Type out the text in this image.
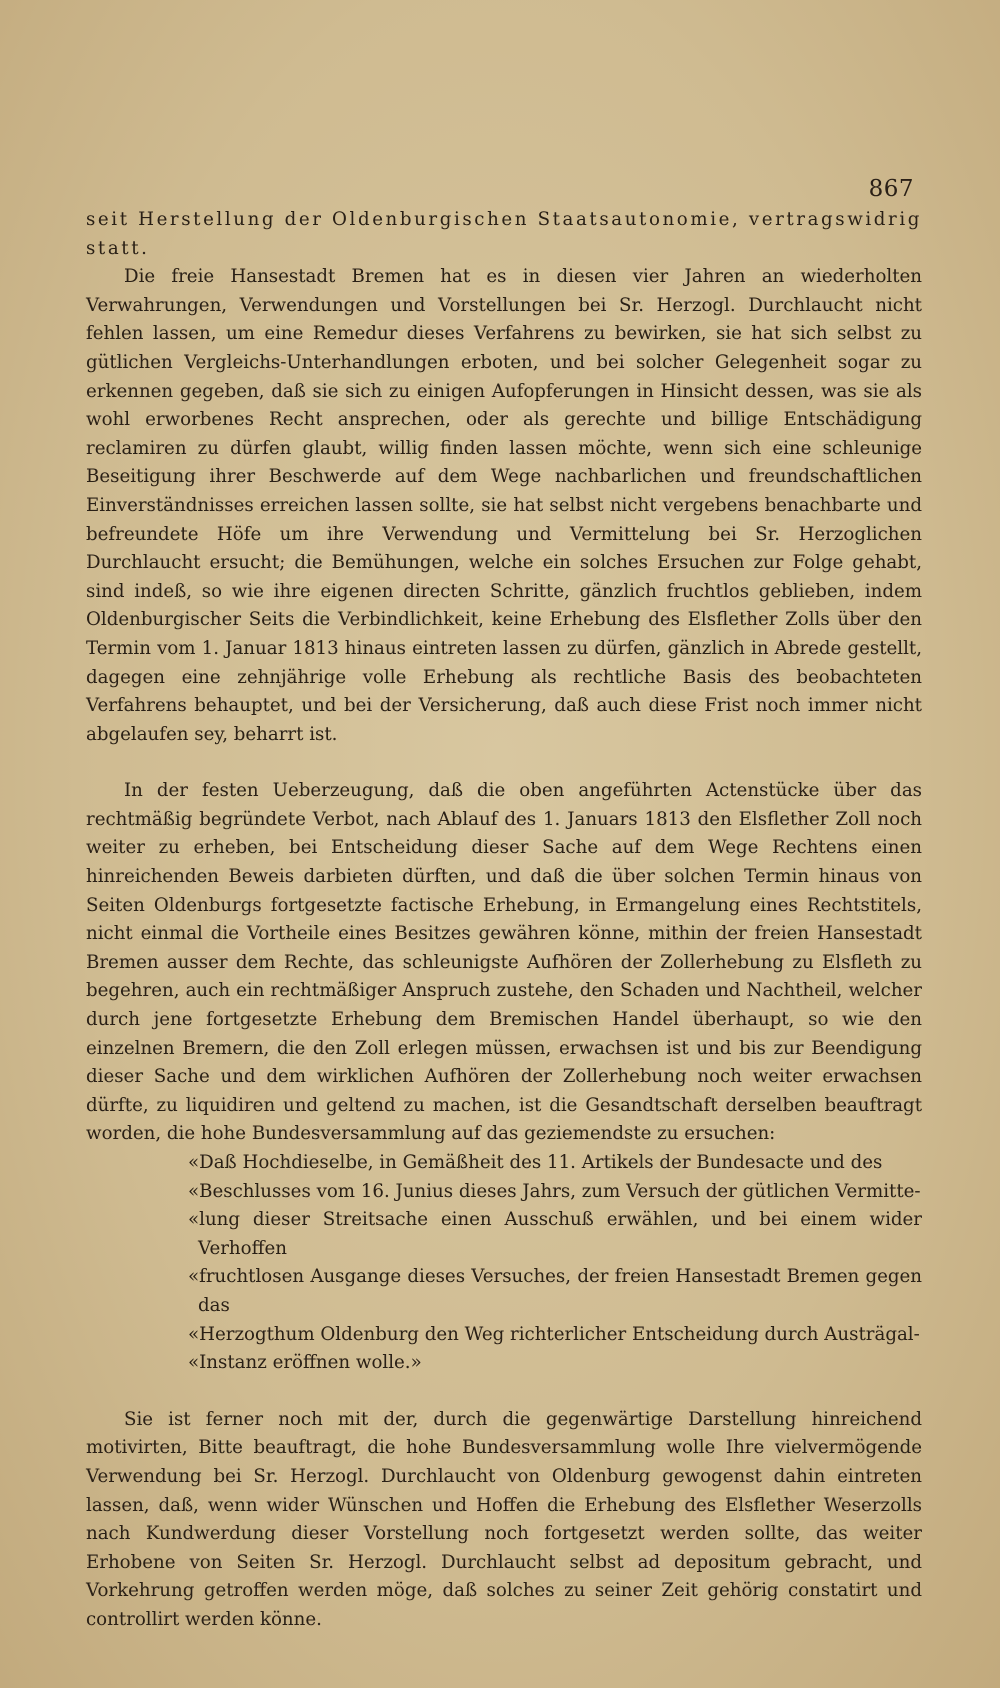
867

seit Herstellung der Oldenburgischen Staatsautonomie, vertragswidrig statt.

Die freie Hansestadt Bremen hat es in diesen vier Jahren an wiederholten Verwahrungen, Verwendungen und Vorstellungen bei Sr. Herzogl. Durchlaucht nicht fehlen lassen, um eine Remedur dieses Verfahrens zu bewirken, sie hat sich selbst zu gütlichen Vergleichs-Unterhandlungen erboten, und bei solcher Gelegenheit sogar zu erkennen gegeben, daß sie sich zu einigen Aufopferungen in Hinsicht dessen, was sie als wohl erworbenes Recht ansprechen, oder als gerechte und billige Entschädigung reclamiren zu dürfen glaubt, willig finden lassen möchte, wenn sich eine schleunige Beseitigung ihrer Beschwerde auf dem Wege nachbarlichen und freundschaftlichen Einverständnisses erreichen lassen sollte, sie hat selbst nicht vergebens benachbarte und befreundete Höfe um ihre Verwendung und Vermittelung bei Sr. Herzoglichen Durchlaucht ersucht; die Bemühungen, welche ein solches Ersuchen zur Folge gehabt, sind indeß, so wie ihre eigenen directen Schritte, gänzlich fruchtlos geblieben, indem Oldenburgischer Seits die Verbindlichkeit, keine Erhebung des Elsflether Zolls über den Termin vom 1. Januar 1813 hinaus eintreten lassen zu dürfen, gänzlich in Abrede gestellt, dagegen eine zehnjährige volle Erhebung als rechtliche Basis des beobachteten Verfahrens behauptet, und bei der Versicherung, daß auch diese Frist noch immer nicht abgelaufen sey, beharrt ist.

In der festen Ueberzeugung, daß die oben angeführten Actenstücke über das rechtmäßig begründete Verbot, nach Ablauf des 1. Januars 1813 den Elsflether Zoll noch weiter zu erheben, bei Entscheidung dieser Sache auf dem Wege Rechtens einen hinreichenden Beweis darbieten dürften, und daß die über solchen Termin hinaus von Seiten Oldenburgs fortgesetzte factische Erhebung, in Ermangelung eines Rechtstitels, nicht einmal die Vortheile eines Besitzes gewähren könne, mithin der freien Hansestadt Bremen ausser dem Rechte, das schleunigste Aufhören der Zollerhebung zu Elsfleth zu begehren, auch ein rechtmäßiger Anspruch zustehe, den Schaden und Nachtheil, welcher durch jene fortgesetzte Erhebung dem Bremischen Handel überhaupt, so wie den einzelnen Bremern, die den Zoll erlegen müssen, erwachsen ist und bis zur Beendigung dieser Sache und dem wirklichen Aufhören der Zollerhebung noch weiter erwachsen dürfte, zu liquidiren und geltend zu machen, ist die Gesandtschaft derselben beauftragt worden, die hohe Bundesversammlung auf das geziemendste zu ersuchen:

«Daß Hochdieselbe, in Gemäßheit des 11. Artikels der Bundesacte und des
«Beschlusses vom 16. Junius dieses Jahrs, zum Versuch der gütlichen Vermitte-
«lung dieser Streitsache einen Ausschuß erwählen, und bei einem wider Verhoffen
«fruchtlosen Ausgange dieses Versuches, der freien Hansestadt Bremen gegen das
«Herzogthum Oldenburg den Weg richterlicher Entscheidung durch Austrägal-
«Instanz eröffnen wolle.»

Sie ist ferner noch mit der, durch die gegenwärtige Darstellung hinreichend motivirten, Bitte beauftragt, die hohe Bundesversammlung wolle Ihre vielvermögende Verwendung bei Sr. Herzogl. Durchlaucht von Oldenburg gewogenst dahin eintreten lassen, daß, wenn wider Wünschen und Hoffen die Erhebung des Elsflether Weserzolls nach Kundwerdung dieser Vorstellung noch fortgesetzt werden sollte, das weiter Erhobene von Seiten Sr. Herzogl. Durchlaucht selbst ad depositum gebracht, und Vorkehrung getroffen werden möge, daß solches zu seiner Zeit gehörig constatirt und controllirt werden könne.
